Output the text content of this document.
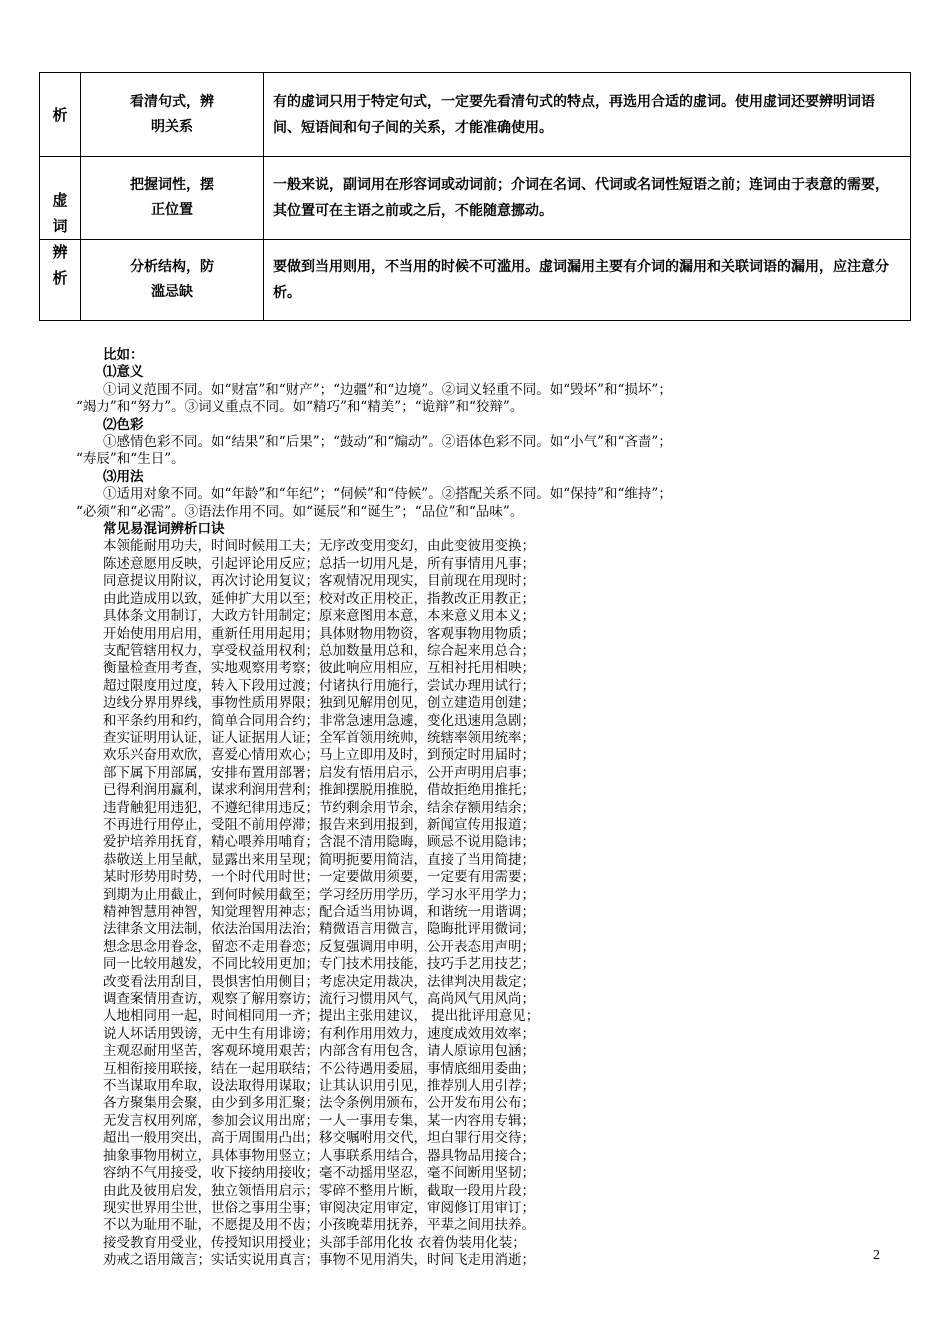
析
虚词辨析
看清句式，辨
明关系
有的虚词只用于特定句式，一定要先看清句式的特点，再选用合适的虚词。使用虚词还要辨明词语间、短语间和句子间的关系，才能准确使用。
把握词性，摆
正位置
一般来说，副词用在形容词或动词前；介词在名词、代词或名词性短语之前；连词由于表意的需要，其位置可在主语之前或之后，不能随意挪动。
分析结构，防
滥忌缺
要做到当用则用，不当用的时候不可滥用。虚词漏用主要有介词的漏用和关联词语的漏用，应注意分析。
比如：
⑴意义
①词义范围不同。如“财富”和“财产”；“边疆”和“边境”。②词义轻重不同。如“毁坏”和“损坏”；
“竭力”和“努力”。③词义重点不同。如“精巧”和“精美”；“诡辩”和“狡辩”。
⑵色彩
①感情色彩不同。如“结果”和“后果”；“鼓动”和“煽动”。②语体色彩不同。如“小气”和“吝啬”；
“寿辰”和“生日”。
⑶用法
①适用对象不同。如“年龄”和“年纪”；“伺候”和“侍候”。②搭配关系不同。如“保持”和“维持”；
“必须”和“必需”。③语法作用不同。如“诞辰”和“诞生”；“品位”和“品味”。
常见易混词辨析口诀
本领能耐用功夫，时间时候用工夫；无序改变用变幻，由此变彼用变换；
陈述意愿用反映，引起评论用反应；总括一切用凡是，所有事情用凡事；
同意提议用附议，再次讨论用复议；客观情况用现实，目前现在用现时；
由此造成用以致，延伸扩大用以至；校对改正用校正，指教改正用教正；
具体条文用制订，大政方针用制定；原来意图用本意，本来意义用本义；
开始使用用启用，重新任用用起用；具体财物用物资，客观事物用物质；
支配管辖用权力，享受权益用权利；总加数量用总和，综合起来用总合；
衡量检查用考查，实地观察用考察；彼此响应用相应，互相衬托用相映；
超过限度用过度，转入下段用过渡；付诸执行用施行，尝试办理用试行；
边线分界用界线，事物性质用界限；独到见解用创见，创立建造用创建；
和平条约用和约，简单合同用合约；非常急速用急遽，变化迅速用急剧；
查实证明用认证，证人证据用人证；全军首领用统帅，统辖率领用统率；
欢乐兴奋用欢欣，喜爱心情用欢心；马上立即用及时，到预定时用届时；
部下属下用部属，安排布置用部署；启发有悟用启示，公开声明用启事；
已得利润用赢利，谋求利润用营利；推卸摆脱用推脱，借故拒绝用推托；
违背触犯用违犯，不遵纪律用违反；节约剩余用节余，结余存额用结余；
不再进行用停止，受阻不前用停滞；报告来到用报到，新闻宣传用报道；
爱护培养用抚育，精心喂养用哺育；含混不清用隐晦，顾忌不说用隐讳；
恭敬送上用呈献，显露出来用呈现；简明扼要用简洁，直接了当用简捷；
某时形势用时势，一个时代用时世；一定要做用须要，一定要有用需要；
到期为止用截止，到何时候用截至；学习经历用学历，学习水平用学力；
精神智慧用神智，知觉理智用神志；配合适当用协调，和谐统一用谐调；
法律条文用法制，依法治国用法治；精微语言用微言，隐晦批评用微词；
想念思念用眷念，留恋不走用眷恋；反复强调用申明，公开表态用声明；
同一比较用越发，不同比较用更加；专门技术用技能，技巧手艺用技艺；
改变看法用刮目，畏惧害怕用侧目；考虑决定用裁决，法律判决用裁定；
调查案情用查访，观察了解用察访；流行习惯用风气，高尚风气用风尚；
人地相同用一起，时间相同用一齐；提出主张用建议， 提出批评用意见；
说人坏话用毁谤，无中生有用诽谤；有利作用用效力，速度成效用效率；
主观忍耐用坚苦，客观环境用艰苦；内部含有用包含，请人原谅用包涵；
互相衔接用联接，结在一起用联结；不公待遇用委屈，事情底细用委曲；
不当谋取用牟取，设法取得用谋取；让其认识用引见，推荐别人用引荐；
各方聚集用会聚，由少到多用汇聚；法令条例用颁布，公开发布用公布；
无发言权用列席，参加会议用出席；一人一事用专集，某一内容用专辑；
超出一般用突出，高于周围用凸出；移交嘱咐用交代，坦白罪行用交待；
抽象事物用树立，具体事物用竖立；人事联系用结合，器具物品用接合；
容纳不气用接受，收下接纳用接收；毫不动摇用坚忍，毫不间断用坚韧；
由此及彼用启发，独立领悟用启示；零碎不整用片断，截取一段用片段；
现实世界用尘世，世俗之事用尘事；审阅决定用审定，审阅修订用审订；
不以为耻用不耻，不愿提及用不齿；小孩晚辈用抚养，平辈之间用扶养。
接受教育用受业，传授知识用授业；头部手部用化妆 衣着伪装用化装；
劝戒之语用箴言；实话实说用真言；事物不见用消失，时间飞走用消逝；	2
